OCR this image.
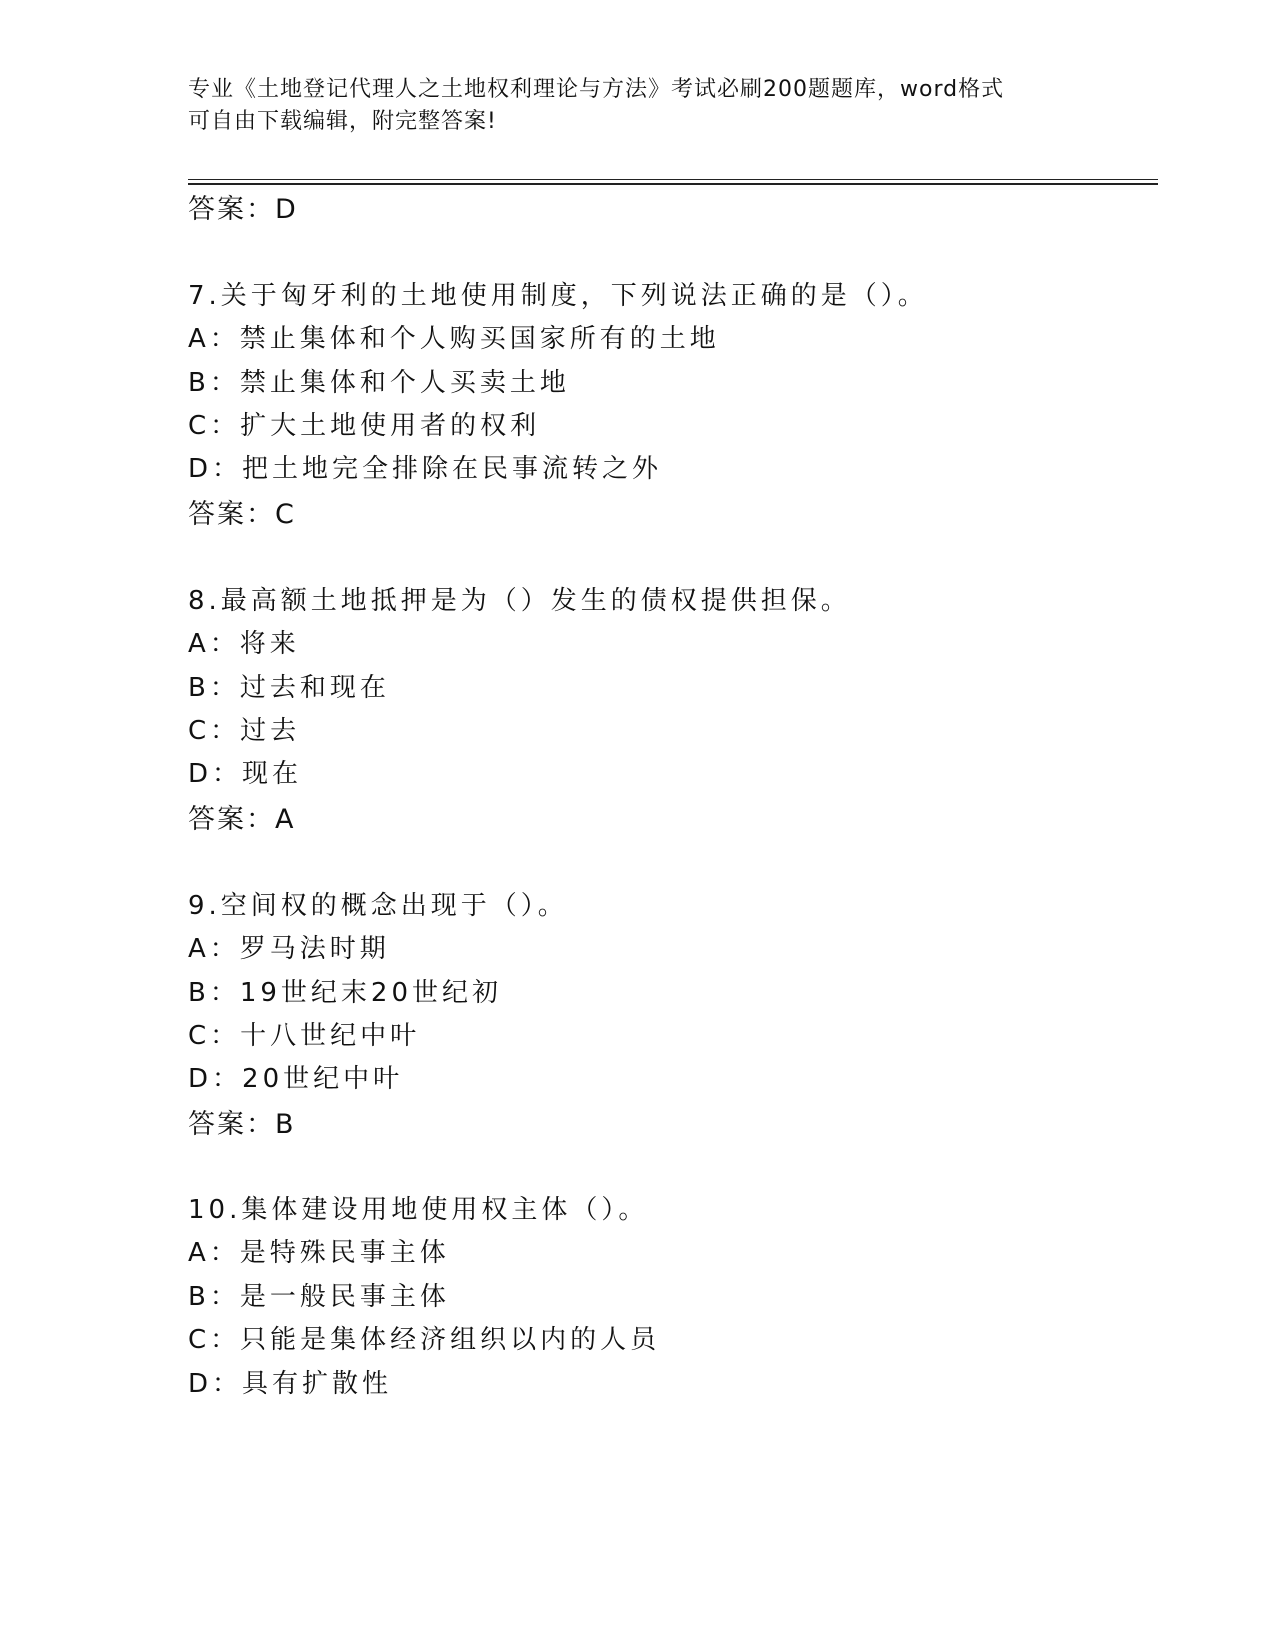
专业《土地登记代理人之土地权利理论与方法》考试必刷200题题库，word格式
可自由下载编辑，附完整答案!
答案：D
7.关于匈牙利的土地使用制度，下列说法正确的是（）。
A：禁止集体和个人购买国家所有的土地
B：禁止集体和个人买卖土地
C：扩大土地使用者的权利
D：把土地完全排除在民事流转之外
答案：C
8.最高额土地抵押是为（）发生的债权提供担保。
A：将来
B：过去和现在
C：过去
D：现在
答案：A
9.空间权的概念出现于（）。
A：罗马法时期
B：19世纪末20世纪初
C：十八世纪中叶
D：20世纪中叶
答案：B
10.集体建设用地使用权主体（）。
A：是特殊民事主体
B：是一般民事主体
C：只能是集体经济组织以内的人员
D：具有扩散性
